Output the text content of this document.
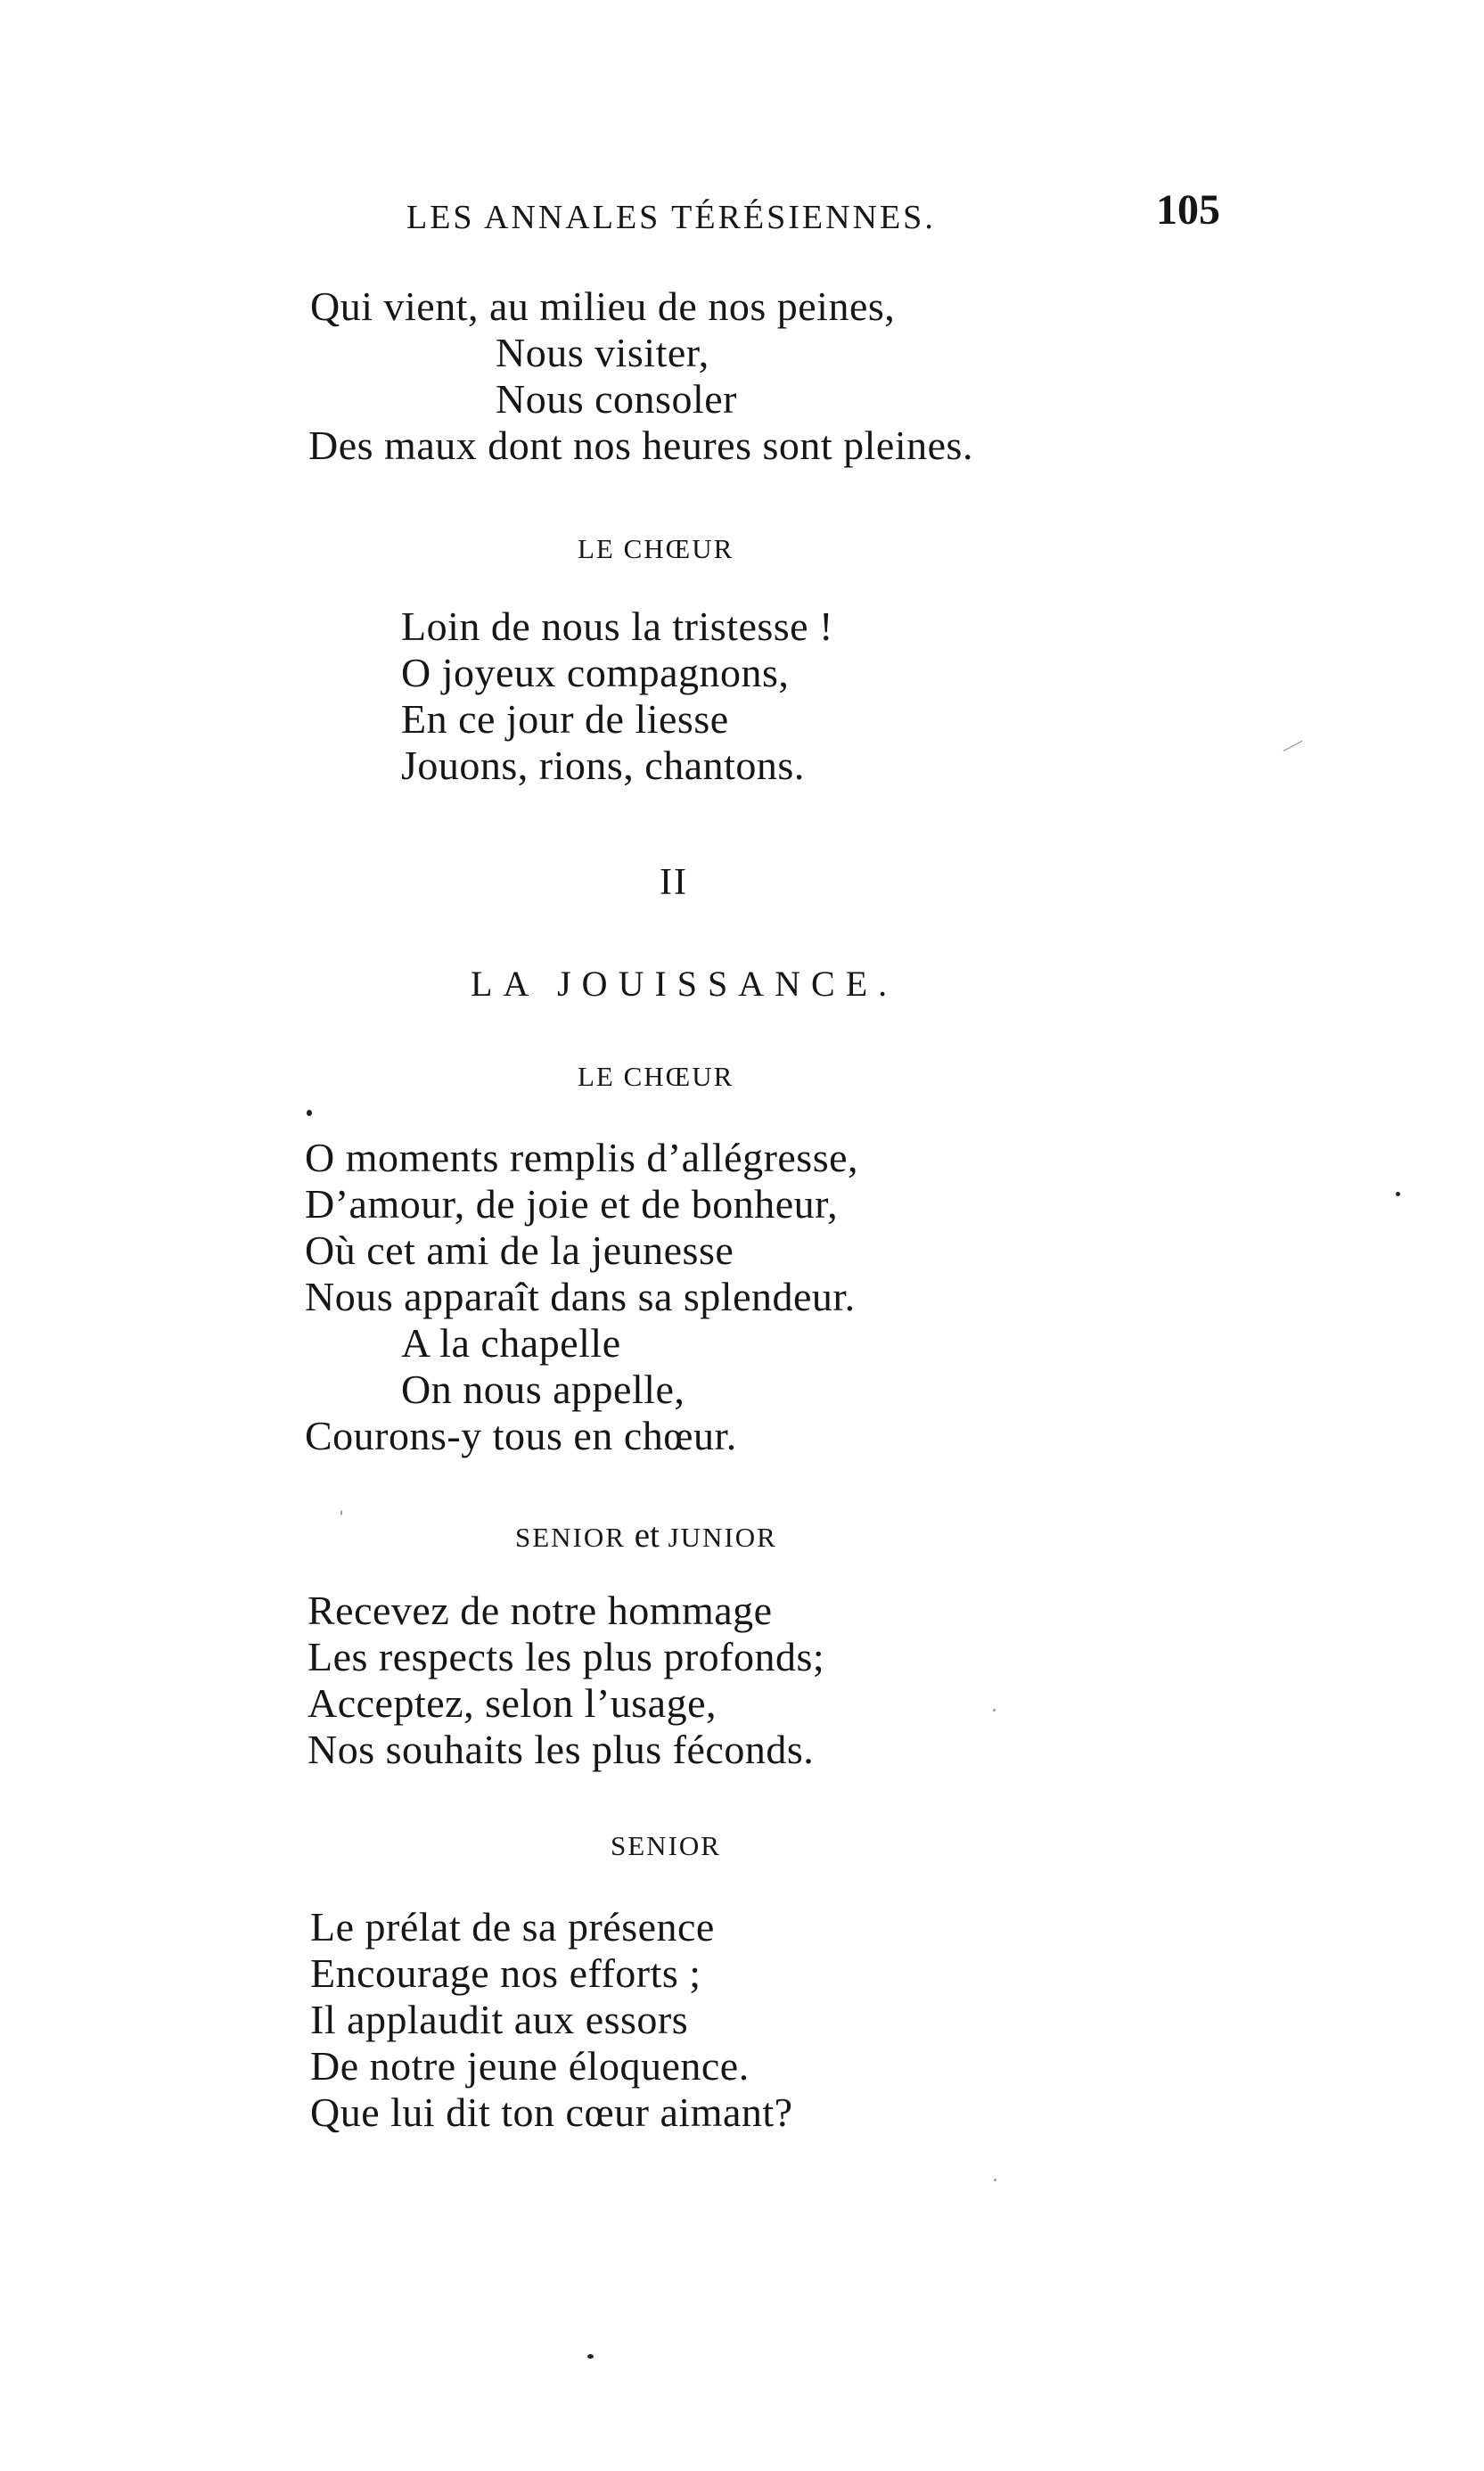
LES ANNALES TÉRÉSIENNES.	105
Qui vient, au milieu de nos peines,
Nous visiter,
Nous consoler
Des maux dont nos heures sont pleines.
LE CHŒUR
Loin de nous la tristesse !
O joyeux compagnons,
En ce jour de liesse
Jouons, rions, chantons.
II
LA JOUISSANCE.
LE CHŒUR
O moments remplis d’allégresse,
D’amour, de joie et de bonheur,
Où cet ami de la jeunesse
Nous apparaît dans sa splendeur.
A la chapelle
On nous appelle,
Courons-y tous en chœur.
SENIOR et JUNIOR
Recevez de notre hommage
Les respects les plus profonds;
Acceptez, selon l’usage,
Nos souhaits les plus féconds.
SENIOR
Le prélat de sa présence
Encourage nos efforts ;
Il applaudit aux essors
De notre jeune éloquence.
Que lui dit ton cœur aimant?
